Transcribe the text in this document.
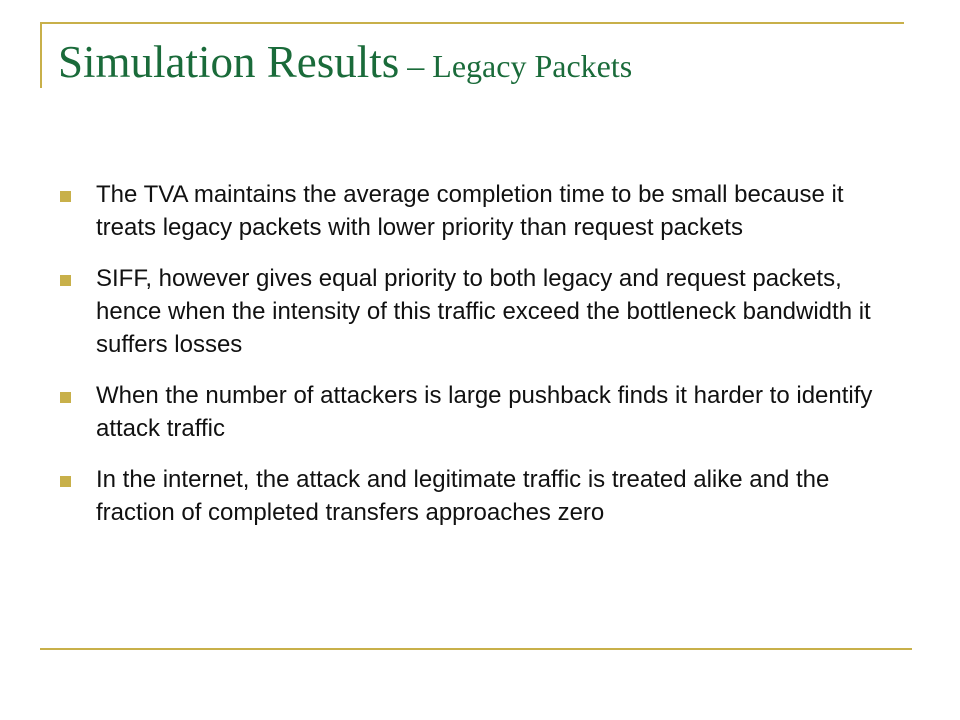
Simulation Results – Legacy Packets
The TVA maintains the average completion time to be small because it treats legacy packets with lower priority than request packets
SIFF, however gives equal priority to both legacy and request packets, hence when the intensity of this traffic exceed the bottleneck bandwidth it suffers losses
When the number of attackers is large pushback finds it harder to identify attack traffic
In the internet, the attack and legitimate traffic is treated alike and the fraction of completed transfers approaches zero
